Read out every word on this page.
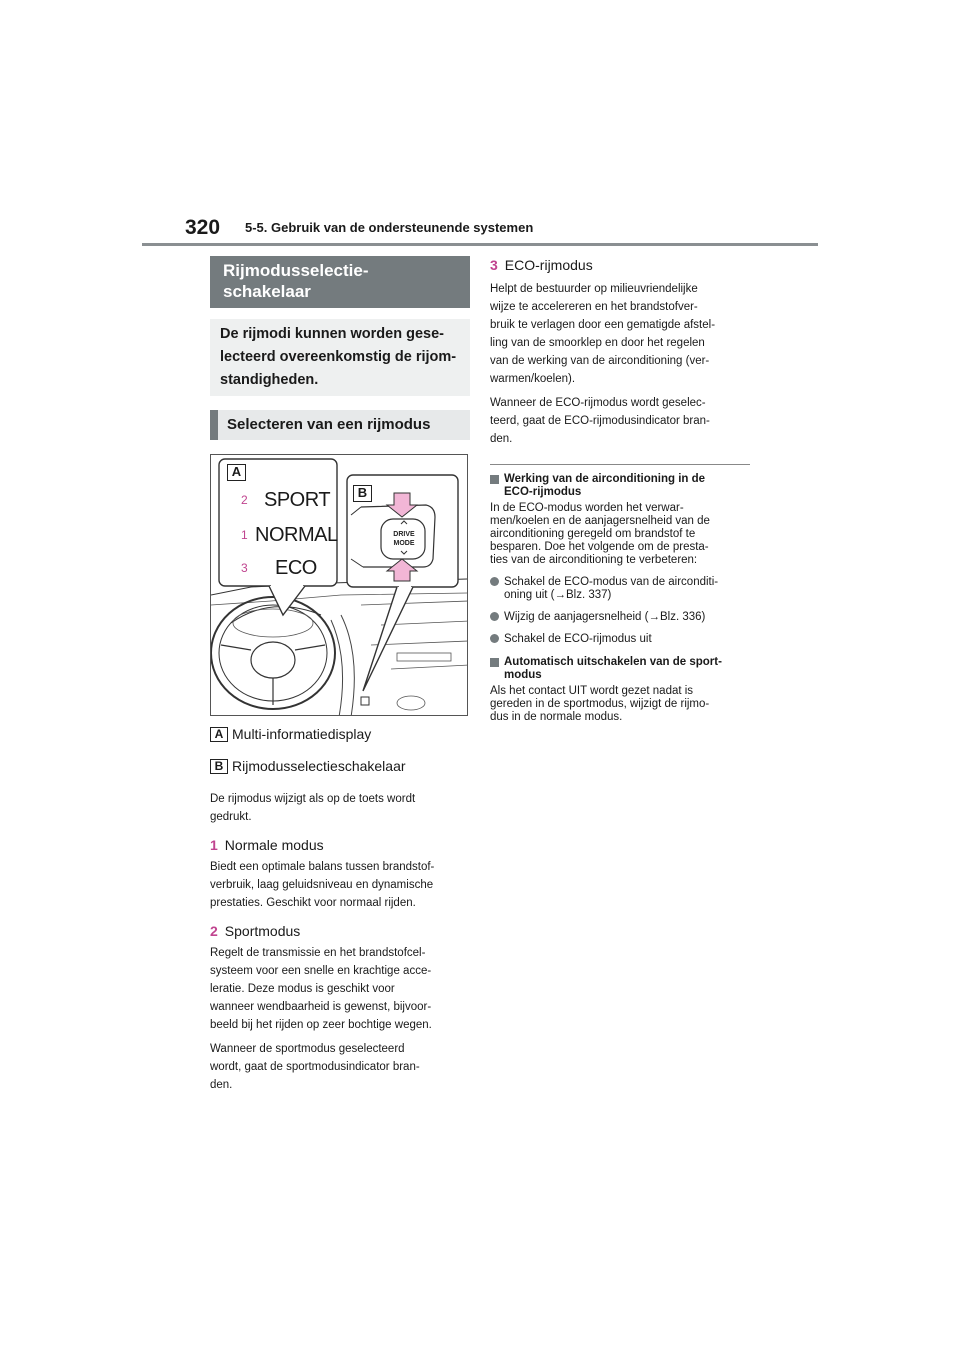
320 5-5. Gebruik van de ondersteunende systemen
Rijmodusselectie-
schakelaar
De rijmodi kunnen worden gese-
lecteerd overeenkomstig de rijom-
standigheden.
Selecteren van een rijmodus
A
B
2 SPORT
1 NORMAL
3 ECO
DRIVE
MODE
A Multi-informatiedisplay
B Rijmodusselectieschakelaar
De rijmodus wijzigt als op de toets wordt
gedrukt.
1 Normale modus
Biedt een optimale balans tussen brandstof-
verbruik, laag geluidsniveau en dynamische
prestaties. Geschikt voor normaal rijden.
2 Sportmodus
Regelt de transmissie en het brandstofcel-
systeem voor een snelle en krachtige acce-
leratie. Deze modus is geschikt voor
wanneer wendbaarheid is gewenst, bijvoor-
beeld bij het rijden op zeer bochtige wegen.
Wanneer de sportmodus geselecteerd
wordt, gaat de sportmodusindicator bran-
den.
3 ECO-rijmodus
Helpt de bestuurder op milieuvriendelijke
wijze te accelereren en het brandstofver-
bruik te verlagen door een gematigde afstel-
ling van de smoorklep en door het regelen
van de werking van de airconditioning (ver-
warmen/koelen).
Wanneer de ECO-rijmodus wordt geselec-
teerd, gaat de ECO-rijmodusindicator bran-
den.
Werking van de airconditioning in de
ECO-rijmodus
In de ECO-modus worden het verwar-
men/koelen en de aanjagersnelheid van de
airconditioning geregeld om brandstof te
besparen. Doe het volgende om de presta-
ties van de airconditioning te verbeteren:
Schakel de ECO-modus van de airconditi-
oning uit (→Blz. 337)
Wijzig de aanjagersnelheid (→Blz. 336)
Schakel de ECO-rijmodus uit
Automatisch uitschakelen van de sport-
modus
Als het contact UIT wordt gezet nadat is
gereden in de sportmodus, wijzigt de rijmo-
dus in de normale modus.
